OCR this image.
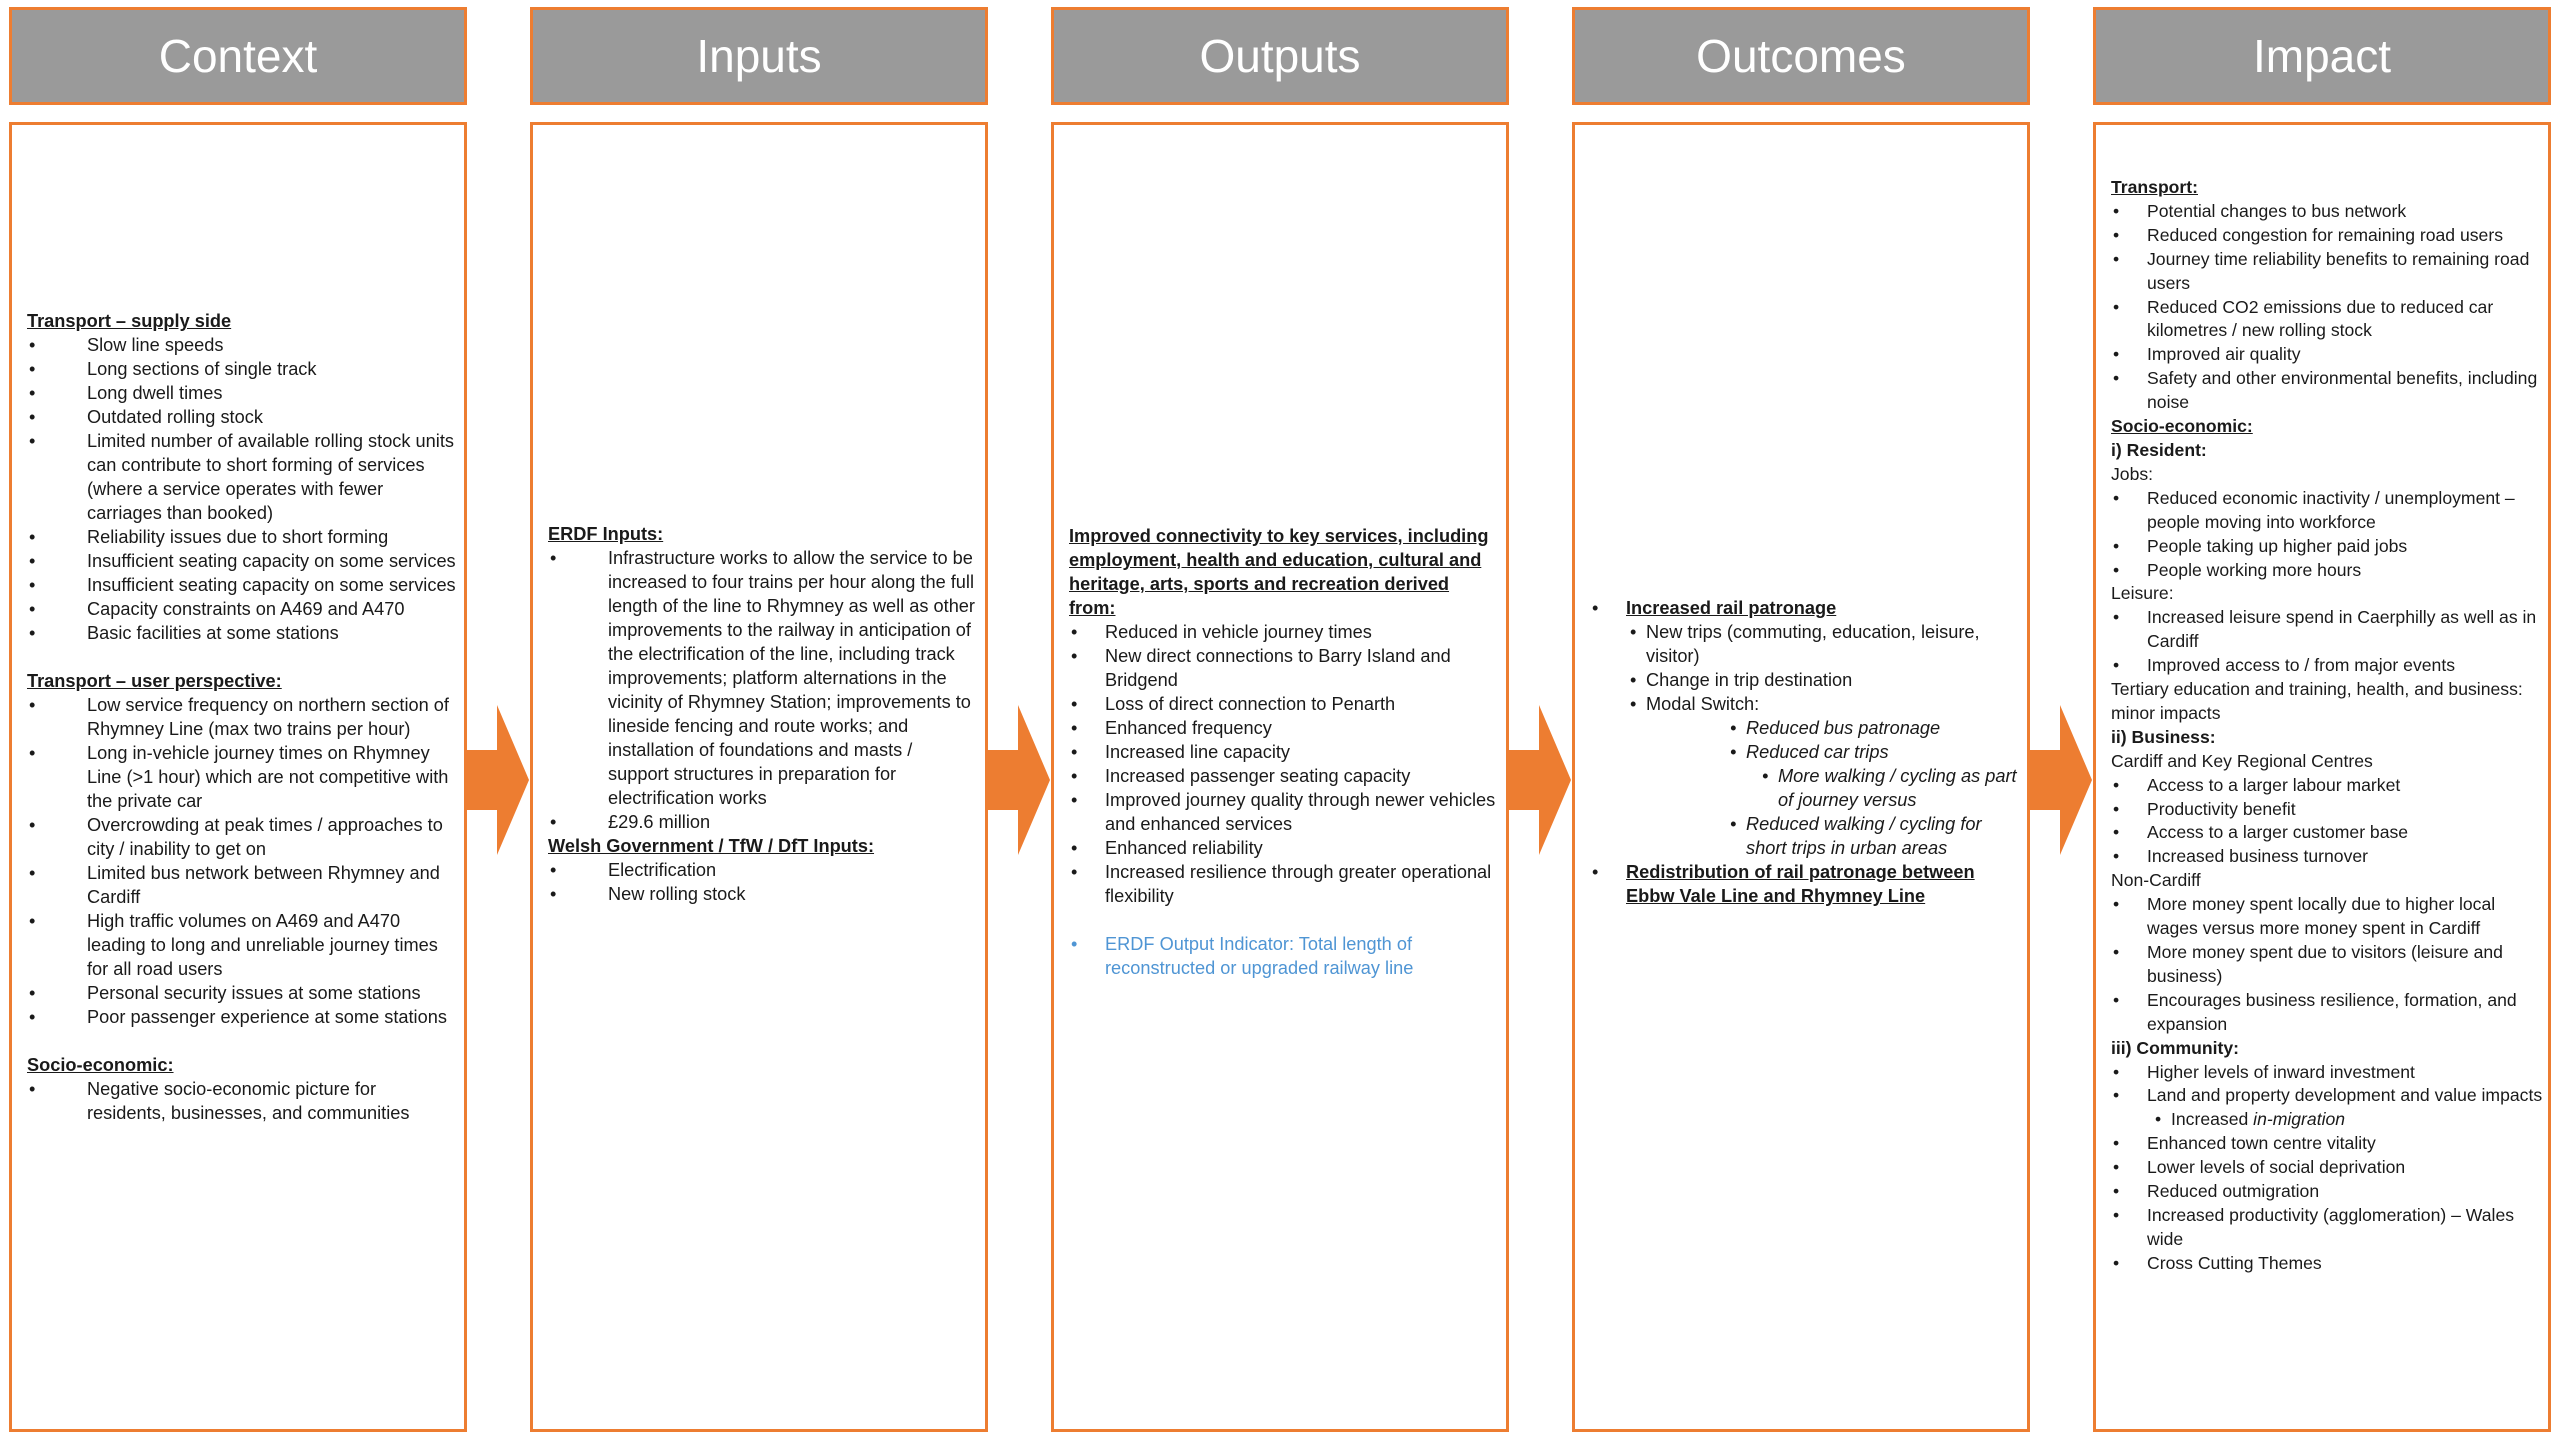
Context	Inputs	Outputs	Outcomes	Impact
Transport – supply side
• Slow line speeds
• Long sections of single track
• Long dwell times
• Outdated rolling stock
• Limited number of available rolling stock units can contribute to short forming of services (where a service operates with fewer carriages than booked)
• Reliability issues due to short forming
• Insufficient seating capacity on some services
• Insufficient seating capacity on some services
• Capacity constraints on A469 and A470
• Basic facilities at some stations
Transport – user perspective:
• Low service frequency on northern section of Rhymney Line (max two trains per hour)
• Long in-vehicle journey times on Rhymney Line (>1 hour) which are not competitive with the private car
• Overcrowding at peak times / approaches to city / inability to get on
• Limited bus network between Rhymney and Cardiff
• High traffic volumes on A469 and A470 leading to long and unreliable journey times for all road users
• Personal security issues at some stations
• Poor passenger experience at some stations
Socio-economic:
• Negative socio-economic picture for residents, businesses, and communities
ERDF Inputs:
• Infrastructure works to allow the service to be increased to four trains per hour along the full length of the line to Rhymney as well as other improvements to the railway in anticipation of the electrification of the line, including track improvements; platform alternations in the vicinity of Rhymney Station; improvements to lineside fencing and route works; and installation of foundations and masts / support structures in preparation for electrification works
• £29.6 million
Welsh Government / TfW / DfT Inputs:
• Electrification
• New rolling stock
Improved connectivity to key services, including employment, health and education, cultural and heritage, arts, sports and recreation derived from:
• Reduced in vehicle journey times
• New direct connections to Barry Island and Bridgend
• Loss of direct connection to Penarth
• Enhanced frequency
• Increased line capacity
• Increased passenger seating capacity
• Improved journey quality through newer vehicles and enhanced services
• Enhanced reliability
• Increased resilience through greater operational flexibility
• ERDF Output Indicator: Total length of reconstructed or upgraded railway line
• Increased rail patronage
• New trips (commuting, education, leisure, visitor)
• Change in trip destination
• Modal Switch:
• Reduced bus patronage
• Reduced car trips
• More walking / cycling as part of journey versus
• Reduced walking / cycling for short trips in urban areas
• Redistribution of rail patronage between Ebbw Vale Line and Rhymney Line
Transport:
• Potential changes to bus network
• Reduced congestion for remaining road users
• Journey time reliability benefits to remaining road users
• Reduced CO2 emissions due to reduced car kilometres / new rolling stock
• Improved air quality
• Safety and other environmental benefits, including noise
Socio-economic:
i) Resident:
Jobs:
• Reduced economic inactivity / unemployment – people moving into workforce
• People taking up higher paid jobs
• People working more hours
Leisure:
• Increased leisure spend in Caerphilly as well as in Cardiff
• Improved access to / from major events
Tertiary education and training, health, and business: minor impacts
ii) Business:
Cardiff and Key Regional Centres
• Access to a larger labour market
• Productivity benefit
• Access to a larger customer base
• Increased business turnover
Non-Cardiff
• More money spent locally due to higher local wages versus more money spent in Cardiff
• More money spent due to visitors (leisure and business)
• Encourages business resilience, formation, and expansion
iii) Community:
• Higher levels of inward investment
• Land and property development and value impacts
• Increased in-migration
• Enhanced town centre vitality
• Lower levels of social deprivation
• Reduced outmigration
• Increased productivity (agglomeration) – Wales wide
• Cross Cutting Themes
